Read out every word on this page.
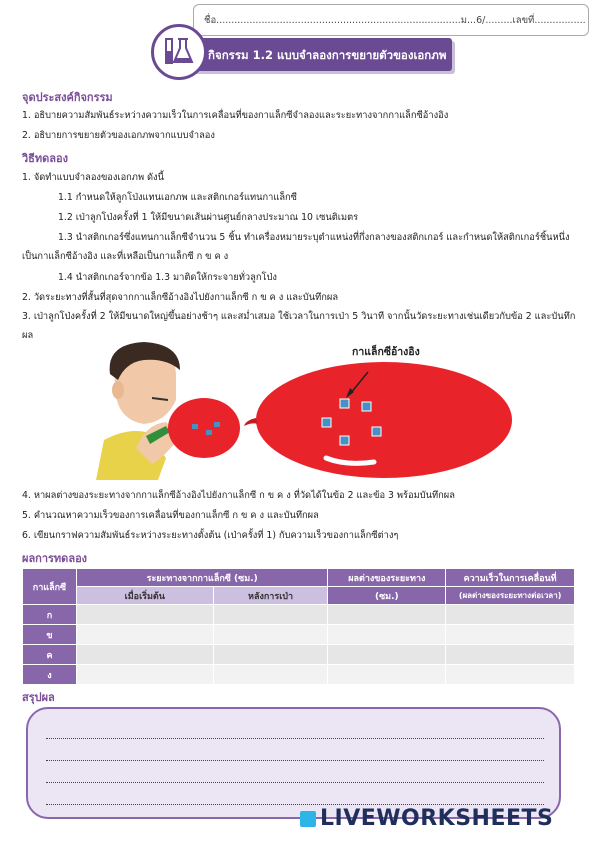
ชื่อ.................................................................................ม...6/.........เลขที่.................
กิจกรรม 1.2 แบบจำลองการขยายตัวของเอกภพ
จุดประสงค์กิจกรรม
1. อธิบายความสัมพันธ์ระหว่างความเร็วในการเคลื่อนที่ของกาแล็กซีจำลองและระยะทางจากกาแล็กซีอ้างอิง
2. อธิบายการขยายตัวของเอกภพจากแบบจำลอง
วิธีทดลอง
1. จัดทำแบบจำลองของเอกภพ ดังนี้
1.1 กำหนดให้ลูกโป่งแทนเอกภพ และสติกเกอร์แทนกาแล็กซี
1.2 เป่าลูกโป่งครั้งที่ 1 ให้มีขนาดเส้นผ่านศูนย์กลางประมาณ 10 เซนติเมตร
1.3 นำสติกเกอร์ซึ่งแทนกาแล็กซีจำนวน 5 ชิ้น ทำเครื่องหมายระบุตำแหน่งที่กึ่งกลางของสติกเกอร์ และกำหนดให้สติกเกอร์ชิ้นหนึ่งเป็นกาแล็กซีอ้างอิง และที่เหลือเป็นกาแล็กซี ก ข ค ง
1.4 นำสติกเกอร์จากข้อ 1.3 มาติดให้กระจายทั่วลูกโป่ง
2. วัดระยะทางที่สั้นที่สุดจากกาแล็กซีอ้างอิงไปยังกาแล็กซี ก ข ค ง และบันทึกผล
3. เป่าลูกโป่งครั้งที่ 2 ให้มีขนาดใหญ่ขึ้นอย่างช้าๆ และสม่ำเสมอ ใช้เวลาในการเป่า 5 วินาที จากนั้นวัดระยะทางเช่นเดียวกับข้อ 2 และบันทึกผล
กาแล็กซีอ้างอิง
4. หาผลต่างของระยะทางจากกาแล็กซีอ้างอิงไปยังกาแล็กซี ก ข ค ง ที่วัดได้ในข้อ 2 และข้อ 3 พร้อมบันทึกผล
5. คำนวณหาความเร็วของการเคลื่อนที่ของกาแล็กซี ก ข ค ง และบันทึกผล
6. เขียนกราฟความสัมพันธ์ระหว่างระยะทางตั้งต้น (เป่าครั้งที่ 1) กับความเร็วของกาแล็กซีต่างๆ
ผลการทดลอง
กาแล็กซี	ระยะทางจากกาแล็กซี (ซม.)		ผลต่างของระยะทาง	ความเร็วในการเคลื่อนที่
	เมื่อเริ่มต้น	หลังการเป่า	(ซม.)	(ผลต่างของระยะทางต่อเวลา)
ก				
ข				
ค				
ง				
สรุปผล
LIVEWORKSHEETS
